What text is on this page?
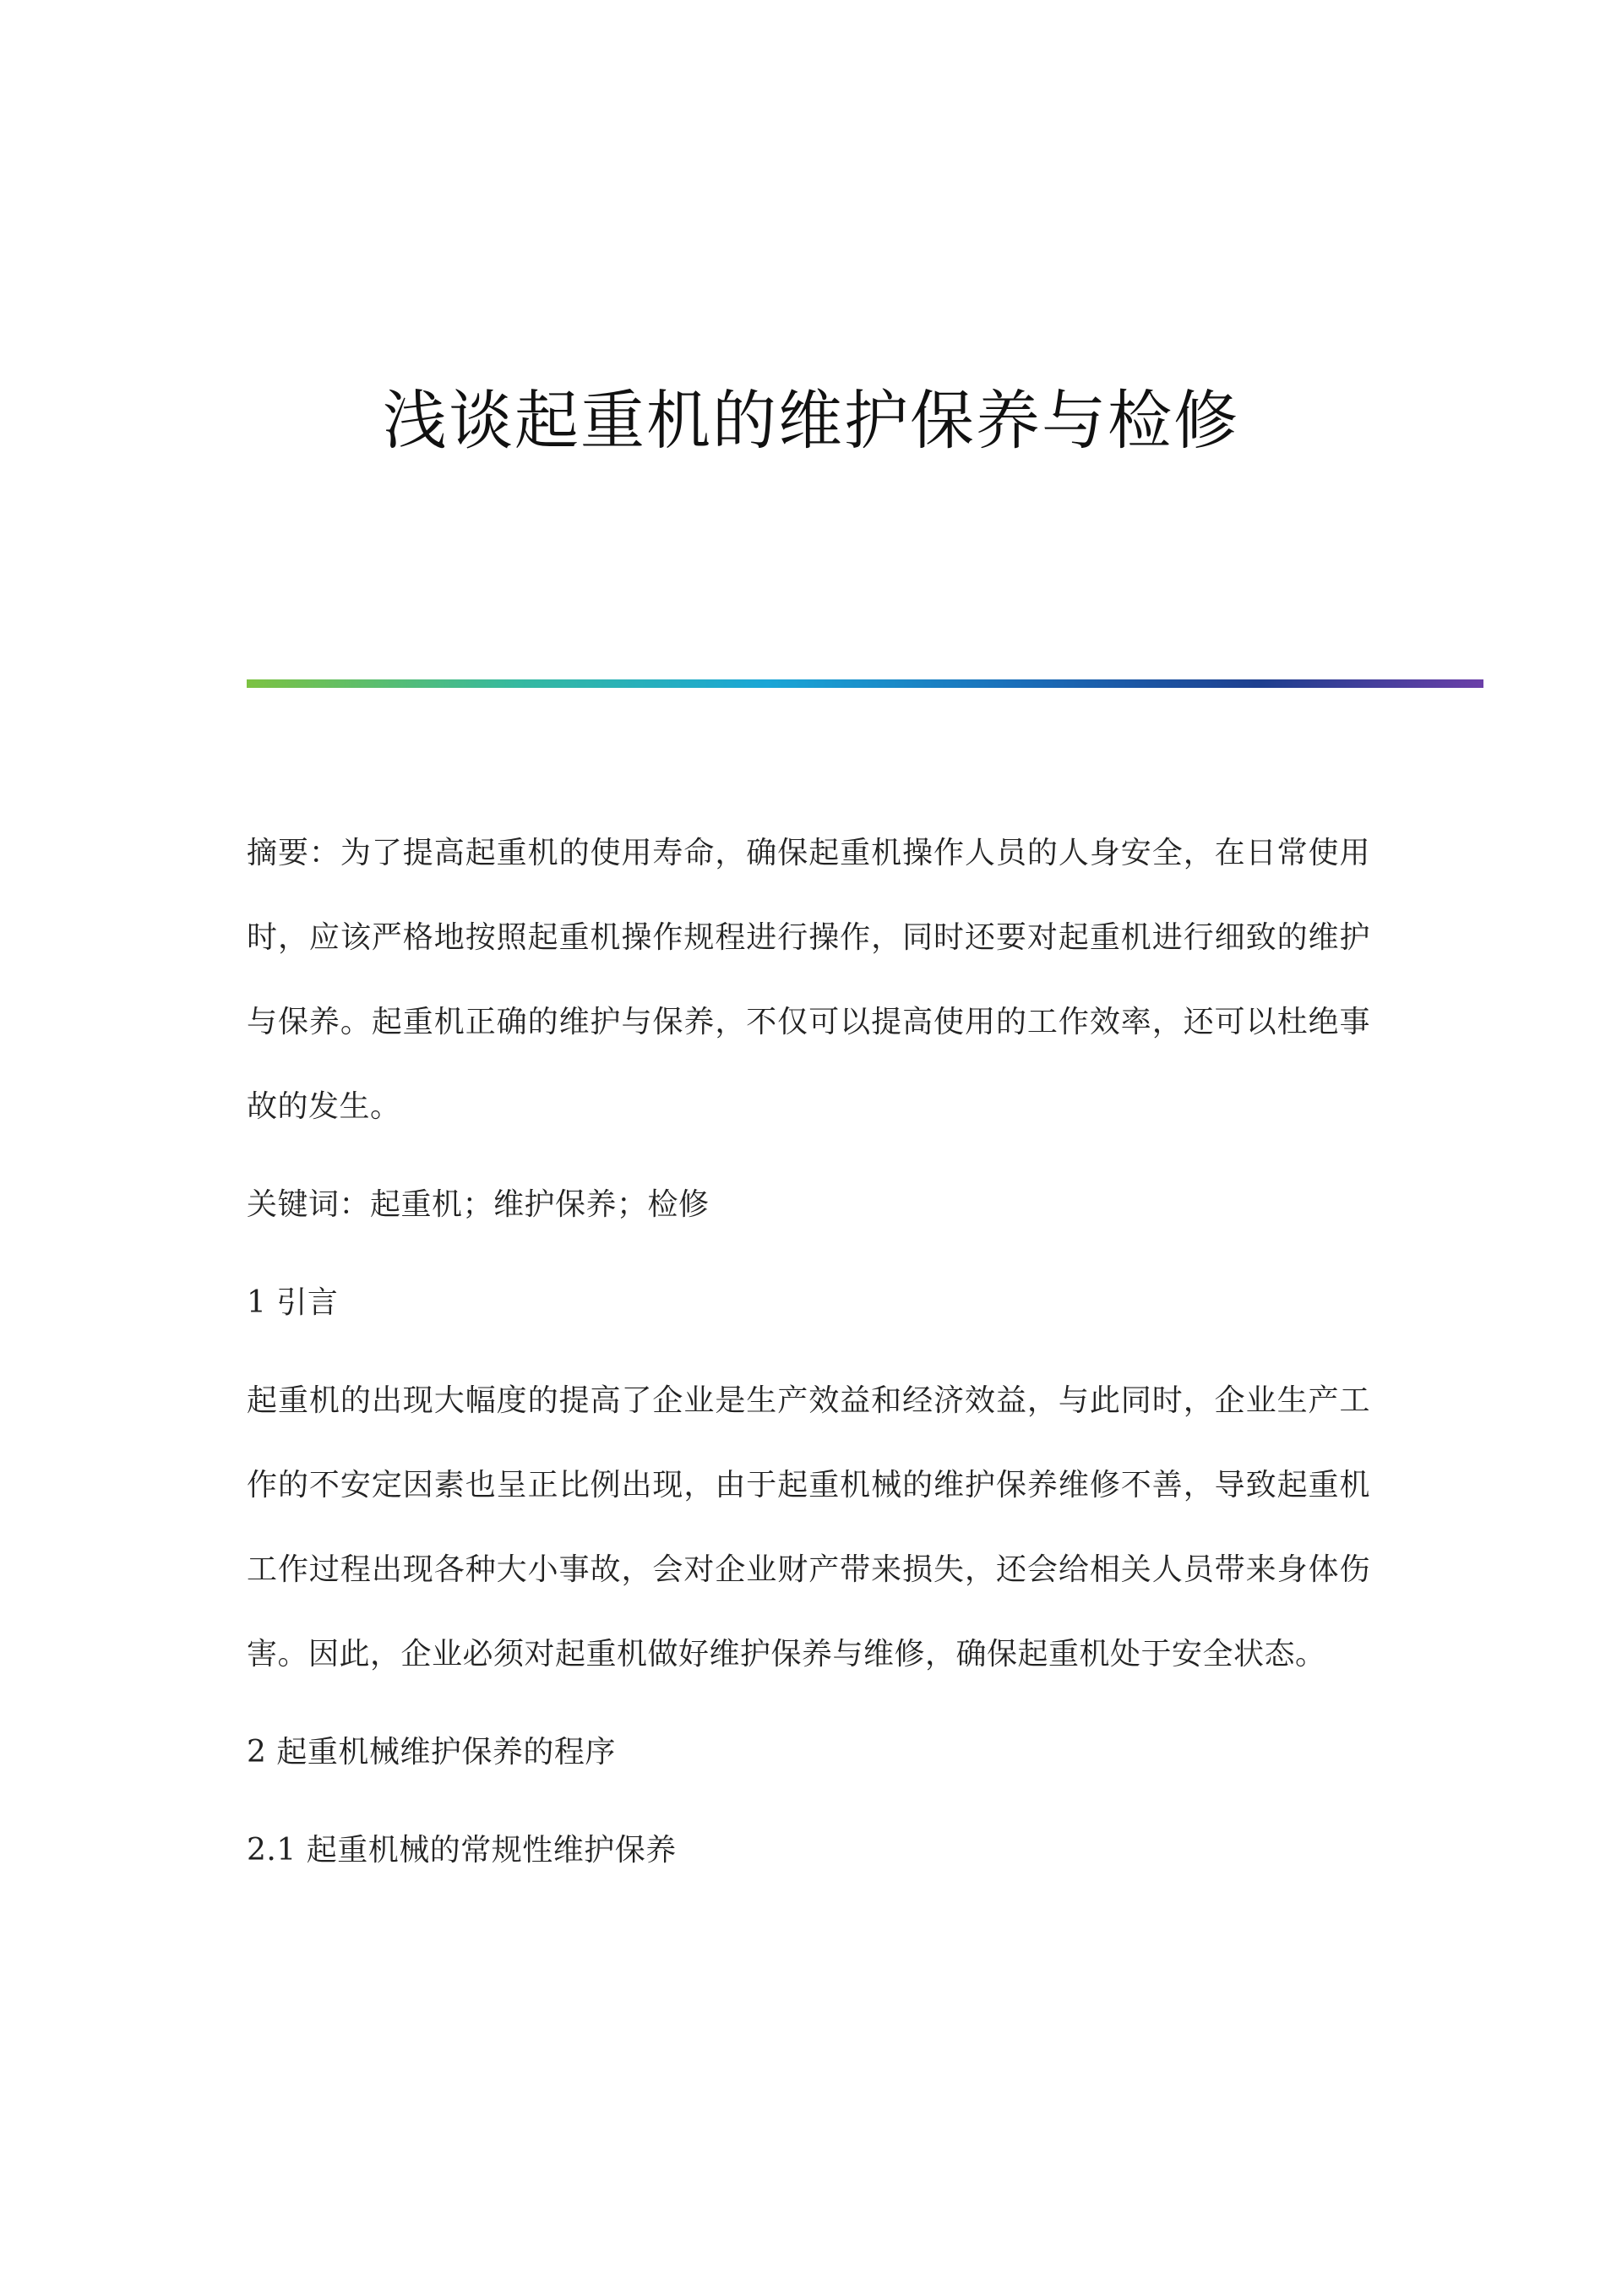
浅谈起重机的维护保养与检修

摘要：为了提高起重机的使用寿命，确保起重机操作人员的人身安全，在日常使用时，应该严格地按照起重机操作规程进行操作，同时还要对起重机进行细致的维护与保养。起重机正确的维护与保养，不仅可以提高使用的工作效率，还可以杜绝事故的发生。

关键词：起重机；维护保养；检修

1 引言

起重机的出现大幅度的提高了企业是生产效益和经济效益，与此同时，企业生产工作的不安定因素也呈正比例出现，由于起重机械的维护保养维修不善，导致起重机工作过程出现各种大小事故，会对企业财产带来损失，还会给相关人员带来身体伤害。因此，企业必须对起重机做好维护保养与维修，确保起重机处于安全状态。

2 起重机械维护保养的程序

2.1 起重机械的常规性维护保养
